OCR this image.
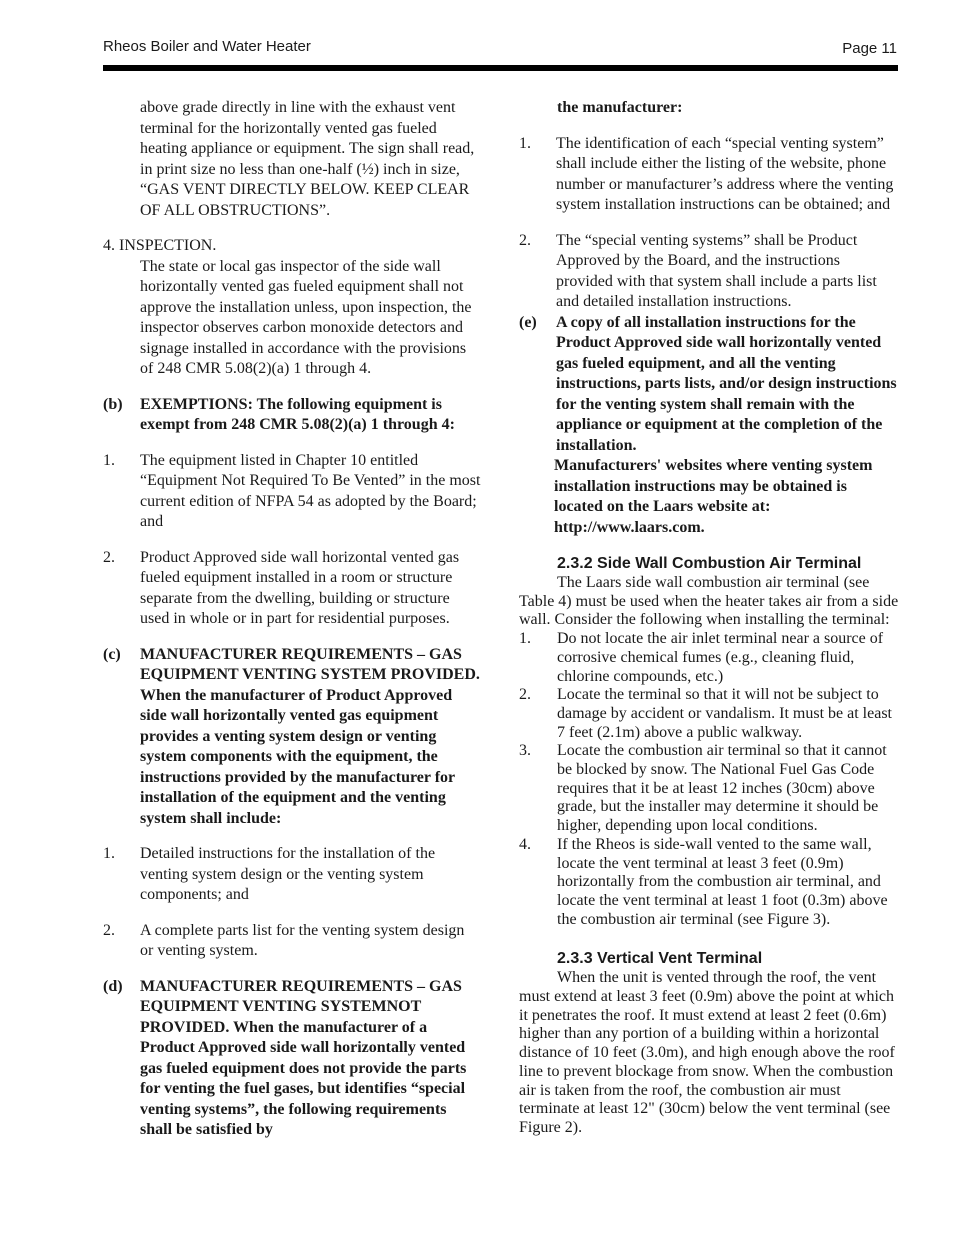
Rheos Boiler and Water Heater	Page 11
above grade directly in line with the exhaust vent terminal for the horizontally vented gas fueled heating appliance or equipment. The sign shall read, in print size no less than one-half (½) inch in size, “GAS VENT DIRECTLY BELOW. KEEP CLEAR OF ALL OBSTRUCTIONS”.
4. INSPECTION.
The state or local gas inspector of the side wall horizontally vented gas fueled equipment shall not approve the installation unless, upon inspection, the inspector observes carbon monoxide detectors and signage installed in accordance with the provisions of 248 CMR 5.08(2)(a) 1 through 4.
(b) EXEMPTIONS: The following equipment is exempt from 248 CMR 5.08(2)(a) 1 through 4:
1. The equipment listed in Chapter 10 entitled “Equipment Not Required To Be Vented” in the most current edition of NFPA 54 as adopted by the Board; and
2. Product Approved side wall horizontal vented gas fueled equipment installed in a room or structure separate from the dwelling, building or structure used in whole or in part for residential purposes.
(c) MANUFACTURER REQUIREMENTS – GAS EQUIPMENT VENTING SYSTEM PROVIDED. When the manufacturer of Product Approved side wall horizontally vented gas equipment provides a venting system design or venting system components with the equipment, the instructions provided by the manufacturer for installation of the equipment and the venting system shall include:
1. Detailed instructions for the installation of the venting system design or the venting system components; and
2. A complete parts list for the venting system design or venting system.
(d) MANUFACTURER REQUIREMENTS – GAS EQUIPMENT VENTING SYSTEMNOT PROVIDED. When the manufacturer of a Product Approved side wall horizontally vented gas fueled equipment does not provide the parts for venting the fuel gases, but identifies “special venting systems”, the following requirements shall be satisfied by
the manufacturer:
1. The identification of each “special venting system” shall include either the listing of the website, phone number or manufacturer’s address where the venting system installation instructions can be obtained; and
2. The “special venting systems” shall be Product Approved by the Board, and the instructions provided with that system shall include a parts list and detailed installation instructions.
(e) A copy of all installation instructions for the Product Approved side wall horizontally vented gas fueled equipment, and all the venting instructions, parts lists, and/or design instructions for the venting system shall remain with the appliance or equipment at the completion of the installation.
Manufacturers' websites where venting system installation instructions may be obtained is located on the Laars website at: http://www.laars.com.
2.3.2 Side Wall Combustion Air Terminal
The Laars side wall combustion air terminal (see Table 4) must be used when the heater takes air from a side wall. Consider the following when installing the terminal:
1. Do not locate the air inlet terminal near a source of corrosive chemical fumes (e.g., cleaning fluid, chlorine compounds, etc.)
2. Locate the terminal so that it will not be subject to damage by accident or vandalism. It must be at least 7 feet (2.1m) above a public walkway.
3. Locate the combustion air terminal so that it cannot be blocked by snow. The National Fuel Gas Code requires that it be at least 12 inches (30cm) above grade, but the installer may determine it should be higher, depending upon local conditions.
4. If the Rheos is side-wall vented to the same wall, locate the vent terminal at least 3 feet (0.9m) horizontally from the combustion air terminal, and locate the vent terminal at least 1 foot (0.3m) above the combustion air terminal (see Figure 3).
2.3.3 Vertical Vent Terminal
When the unit is vented through the roof, the vent must extend at least 3 feet (0.9m) above the point at which it penetrates the roof. It must extend at least 2 feet (0.6m) higher than any portion of a building within a horizontal distance of 10 feet (3.0m), and high enough above the roof line to prevent blockage from snow. When the combustion air is taken from the roof, the combustion air must terminate at least 12" (30cm) below the vent terminal (see Figure 2).
